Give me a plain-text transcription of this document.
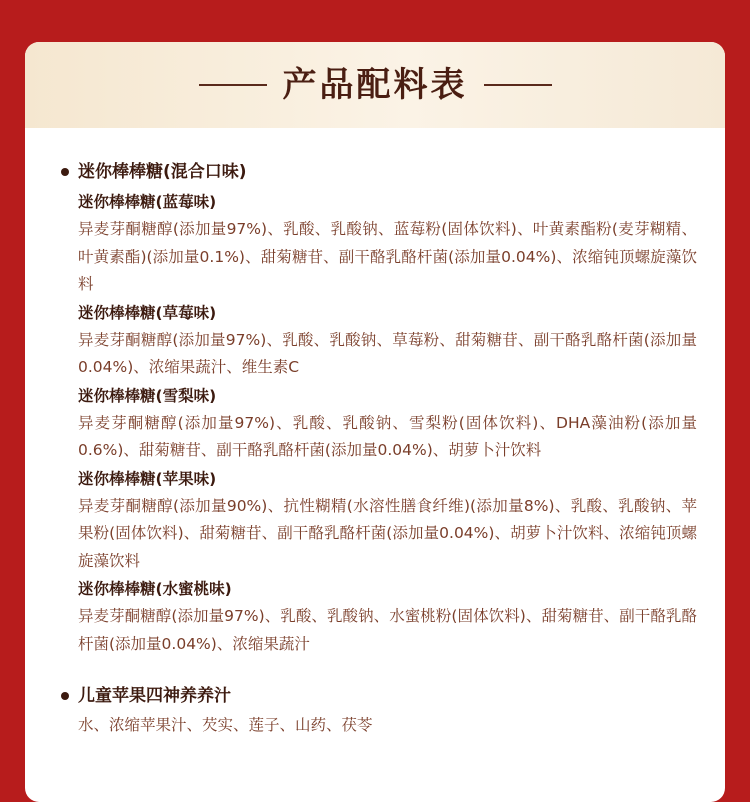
产品配料表
迷你棒棒糖(混合口味)
迷你棒棒糖(蓝莓味)
异麦芽酮糖醇(添加量97%)、乳酸、乳酸钠、蓝莓粉(固体饮料)、叶黄素酯粉(麦芽糊精、叶黄素酯)(添加量0.1%)、甜菊糖苷、副干酪乳酪杆菌(添加量0.04%)、浓缩钝顶螺旋藻饮料
迷你棒棒糖(草莓味)
异麦芽酮糖醇(添加量97%)、乳酸、乳酸钠、草莓粉、甜菊糖苷、副干酪乳酪杆菌(添加量0.04%)、浓缩果蔬汁、维生素C
迷你棒棒糖(雪梨味)
异麦芽酮糖醇(添加量97%)、乳酸、乳酸钠、雪梨粉(固体饮料)、DHA藻油粉(添加量0.6%)、甜菊糖苷、副干酪乳酪杆菌(添加量0.04%)、胡萝卜汁饮料
迷你棒棒糖(苹果味)
异麦芽酮糖醇(添加量90%)、抗性糊精(水溶性膳食纤维)(添加量8%)、乳酸、乳酸钠、苹果粉(固体饮料)、甜菊糖苷、副干酪乳酪杆菌(添加量0.04%)、胡萝卜汁饮料、浓缩钝顶螺旋藻饮料
迷你棒棒糖(水蜜桃味)
异麦芽酮糖醇(添加量97%)、乳酸、乳酸钠、水蜜桃粉(固体饮料)、甜菊糖苷、副干酪乳酪杆菌(添加量0.04%)、浓缩果蔬汁
儿童苹果四神养养汁
水、浓缩苹果汁、芡实、莲子、山药、茯苓
